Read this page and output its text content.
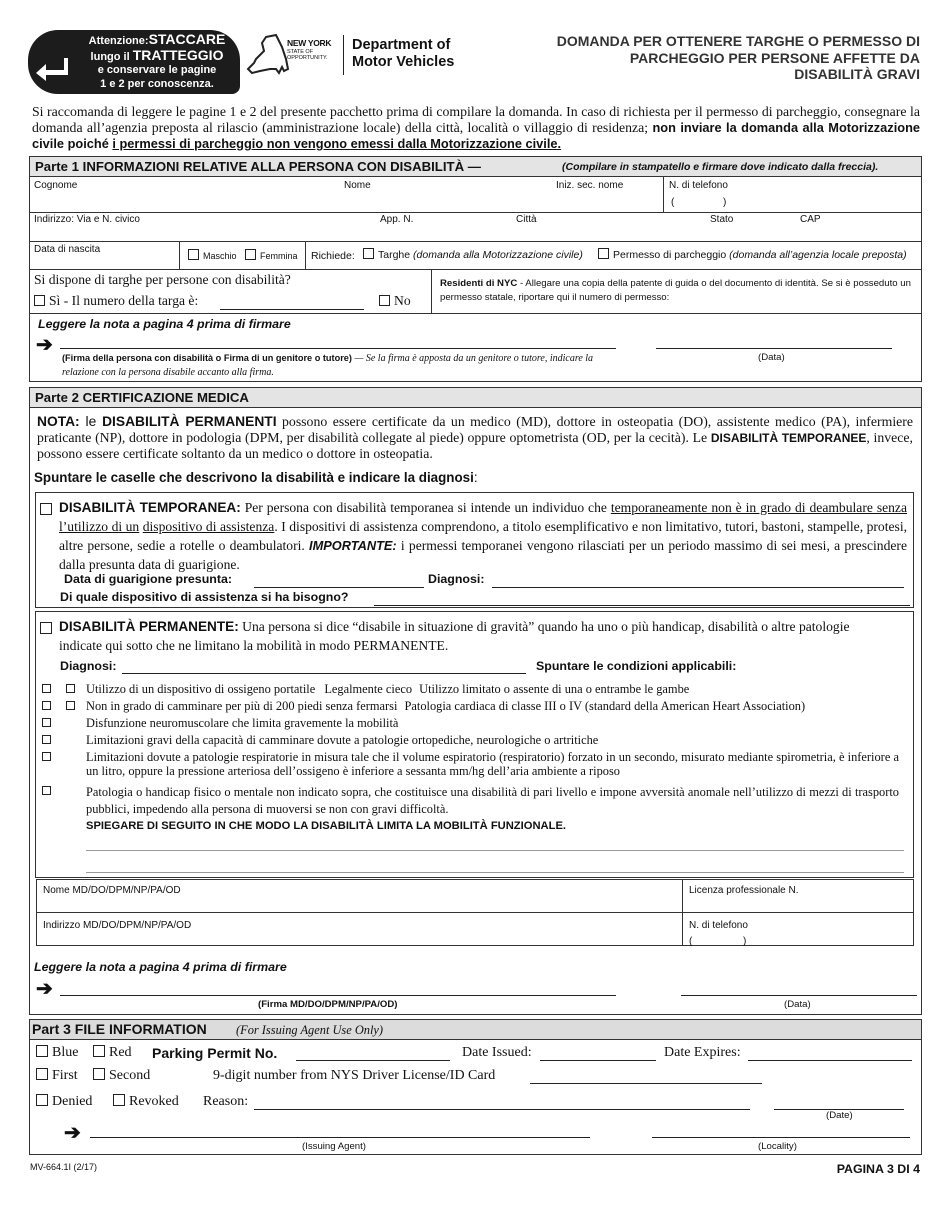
Attenzione:STACCARE
lungo il TRATTEGGIO
e conservare le pagine
1 e 2 per conoscenza.
NEW YORK
STATE OF
OPPORTUNITY.
Department of
Motor Vehicles
DOMANDA PER OTTENERE TARGHE O PERMESSO DI
PARCHEGGIO PER PERSONE AFFETTE DA
DISABILITÀ GRAVI
Si raccomanda di leggere le pagine 1 e 2 del presente pacchetto prima di compilare la domanda. In caso di richiesta per il permesso di parcheggio, consegnare la domanda all’agenzia preposta al rilascio (amministrazione locale) della città, località o villaggio di residenza; non inviare la domanda alla Motorizzazione civile poiché i permessi di parcheggio non vengono emessi dalla Motorizzazione civile.
Parte 1 INFORMAZIONI RELATIVE ALLA PERSONA CON DISABILITÀ —	(Compilare in stampatello e firmare dove indicato dalla freccia).
Cognome	Nome	Iniz. sec. nome	N. di telefono
(	)
Indirizzo: Via e N. civico	App. N.	Città	Stato	CAP
Data di nascita
Maschio	Femmina Richiede:	Targhe (domanda alla Motorizzazione civile)	Permesso di parcheggio (domanda all’agenzia locale preposta)
Si dispone di targhe per persone con disabilità?
Sì - Il numero della targa è:	No
Residenti di NYC - Allegare una copia della patente di guida o del documento di identità. Se si è posseduto un permesso statale, riportare qui il numero di permesso:
Leggere la nota a pagina 4 prima di firmare
➔
(Firma della persona con disabilità o Firma di un genitore o tutore) — Se la firma è apposta da un genitore o tutore, indicare la relazione con la persona disabile accanto alla firma.
(Data)
Parte 2 CERTIFICAZIONE MEDICA
NOTA: le DISABILITÀ PERMANENTI possono essere certificate da un medico (MD), dottore in osteopatia (DO), assistente medico (PA), infermiere praticante (NP), dottore in podologia (DPM, per disabilità collegate al piede) oppure optometrista (OD, per la cecità). Le DISABILITÀ TEMPORANEE, invece, possono essere certificate soltanto da un medico o dottore in osteopatia.
Spuntare le caselle che descrivono la disabilità e indicare la diagnosi:
DISABILITÀ TEMPORANEA: Per persona con disabilità temporanea si intende un individuo che temporaneamente non è in grado di deambulare senza l’utilizzo di un dispositivo di assistenza. I dispositivi di assistenza comprendono, a titolo esemplificativo e non limitativo, tutori, bastoni, stampelle, protesi, altre persone, sedie a rotelle o deambulatori. IMPORTANTE: i permessi temporanei vengono rilasciati per un periodo massimo di sei mesi, a prescindere dalla presunta data di guarigione.
Data di guarigione presunta:	Diagnosi:
Di quale dispositivo di assistenza si ha bisogno?
DISABILITÀ PERMANENTE: Una persona si dice “disabile in situazione di gravità” quando ha uno o più handicap, disabilità o altre patologie indicate qui sotto che ne limitano la mobilità in modo PERMANENTE.
Diagnosi:	Spuntare le condizioni applicabili:
Utilizzo di un dispositivo di ossigeno portatile Legalmente cieco Utilizzo limitato o assente di una o entrambe le gambe
Non in grado di camminare per più di 200 piedi senza fermarsi Patologia cardiaca di classe III o IV (standard della American Heart Association)
Disfunzione neuromuscolare che limita gravemente la mobilità
Limitazioni gravi della capacità di camminare dovute a patologie ortopediche, neurologiche o artritiche
Limitazioni dovute a patologie respiratorie in misura tale che il volume espiratorio (respiratorio) forzato in un secondo, misurato mediante spirometria, è inferiore a un litro, oppure la pressione arteriosa dell’ossigeno è inferiore a sessanta mm/hg dell’aria ambiente a riposo
Patologia o handicap fisico o mentale non indicato sopra, che costituisce una disabilità di pari livello e impone avversità anomale nell’utilizzo di mezzi di trasporto pubblici, impedendo alla persona di muoversi se non con gravi difficoltà.
SPIEGARE DI SEGUITO IN CHE MODO LA DISABILITÀ LIMITA LA MOBILITÀ FUNZIONALE.
Nome MD/DO/DPM/NP/PA/OD	Licenza professionale N.
Indirizzo MD/DO/DPM/NP/PA/OD	N. di telefono
(	)
Leggere la nota a pagina 4 prima di firmare
➔
(Firma MD/DO/DPM/NP/PA/OD)	(Data)
Part 3 FILE INFORMATION (For Issuing Agent Use Only)
Blue	Red Parking Permit No.	Date Issued:	Date Expires:
First	Second	9-digit number from NYS Driver License/ID Card
Denied	Revoked Reason:
(Date)
➔
(Issuing Agent)	(Locality)
MV-664.1I (2/17)	PAGINA 3 DI 4
